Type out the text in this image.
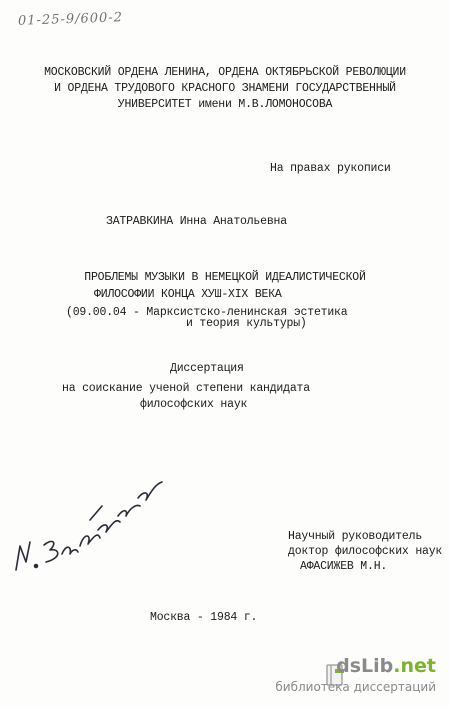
01-25-9/600-2
МОСКОВСКИЙ ОРДЕНА ЛЕНИНА, ОРДЕНА ОКТЯБРЬСКОЙ РЕВОЛЮЦИИ
И ОРДЕНА ТРУДОВОГО КРАСНОГО ЗНАМЕНИ ГОСУДАРСТВЕННЫЙ
УНИВЕРСИТЕТ имени М.В.ЛОМОНОСОВА
На правах рукописи
ЗАТРАВКИНА Инна Анатольевна
ПРОБЛЕМЫ МУЗЫКИ В НЕМЕЦКОЙ ИДЕАЛИСТИЧЕСКОЙ
ФИЛОСОФИИ КОНЦА ХУШ-XIX ВЕКА
(09.00.04 - Марксистско-ленинская эстетика
и теория культуры)
Диссертация
на соискание ученой степени кандидата
философских наук
Научный руководитель
доктор философских наук
АФАСИЖЕВ М.Н.
Москва - 1984 г.
dsLib.net
библиотека диссертаций
